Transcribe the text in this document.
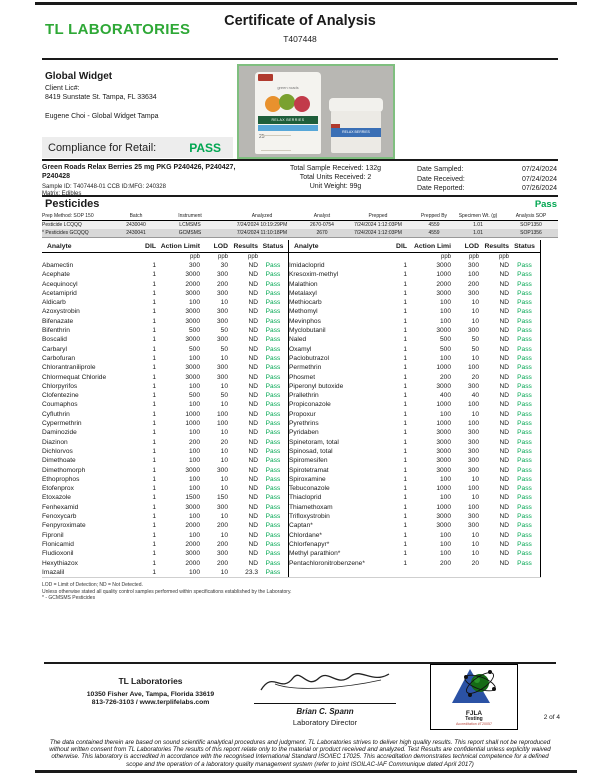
TL LABORATORIES	Certificate of Analysis
T407448
Global Widget
Client Lic#:
8419 Sunstate St. Tampa, FL 33634
Eugene Choi - Global Widget Tampa
green roads
RELAX BERRIES
25
RELAX BERRIES
Compliance for Retail:	PASS
Green Roads Relax Berries 25 mg PKG P240426, P240427, P240428
Sample ID: T407448-01 CCB ID:MFG: 240328
Matrix: Edibles
Total Sample Received: 132g
Total Units Received: 2
Unit Weight: 99g
Date Sampled:	07/24/2024
Date Received:	07/24/2024
Date Reported:	07/26/2024
Pesticides	Pass
Prep Method: SOP 150	Batch	Instrument	Analyzed	Analyst	Prepped	Prepped By	Specimen Wt. (g)	Analysis SOP
Pesticide LCQQQ	2430040	LCMSMS	7/24/2024 10:19:29PM	2670-0754	7/24/2024 1:12:03PM	4559	1.01	SOP1350
* Pesticides GCQQQ	2430041	GCMSMS	7/24/2024 11:10:18PM	2670	7/24/2024 1:12:03PM	4559	1.01	SOP1356
Analyte	DIL	Action Limit	LOD	Results	Status
		ppb	ppb	ppb	
Abamectin	1	300	30	ND	Pass
Acephate	1	3000	300	ND	Pass
Acequinocyl	1	2000	200	ND	Pass
Acetamiprid	1	3000	300	ND	Pass
Aldicarb	1	100	10	ND	Pass
Azoxystrobin	1	3000	300	ND	Pass
Bifenazate	1	3000	300	ND	Pass
Bifenthrin	1	500	50	ND	Pass
Boscalid	1	3000	300	ND	Pass
Carbaryl	1	500	50	ND	Pass
Carbofuran	1	100	10	ND	Pass
Chlorantraniliprole	1	3000	300	ND	Pass
Chlormequat Chloride	1	3000	300	ND	Pass
Chlorpyrifos	1	100	10	ND	Pass
Clofentezine	1	500	50	ND	Pass
Coumaphos	1	100	10	ND	Pass
Cyfluthrin	1	1000	100	ND	Pass
Cypermethrin	1	1000	100	ND	Pass
Daminozide	1	100	10	ND	Pass
Diazinon	1	200	20	ND	Pass
Dichlorvos	1	100	10	ND	Pass
Dimethoate	1	100	10	ND	Pass
Dimethomorph	1	3000	300	ND	Pass
Ethoprophos	1	100	10	ND	Pass
Etofenprox	1	100	10	ND	Pass
Etoxazole	1	1500	150	ND	Pass
Fenhexamid	1	3000	300	ND	Pass
Fenoxycarb	1	100	10	ND	Pass
Fenpyroximate	1	2000	200	ND	Pass
Fipronil	1	100	10	ND	Pass
Flonicamid	1	2000	200	ND	Pass
Fludioxonil	1	3000	300	ND	Pass
Hexythiazox	1	2000	200	ND	Pass
Imazalil	1	100	10	23.3	Pass
Analyte	DIL	Action Limi	LOD	Results	Status
		ppb	ppb	ppb	
Imidacloprid	1	3000	300	ND	Pass
Kresoxim-methyl	1	1000	100	ND	Pass
Malathion	1	2000	200	ND	Pass
Metalaxyl	1	3000	300	ND	Pass
Methiocarb	1	100	10	ND	Pass
Methomyl	1	100	10	ND	Pass
Mevinphos	1	100	10	ND	Pass
Myclobutanil	1	3000	300	ND	Pass
Naled	1	500	50	ND	Pass
Oxamyl	1	500	50	ND	Pass
Paclobutrazol	1	100	10	ND	Pass
Permethrin	1	1000	100	ND	Pass
Phosmet	1	200	20	ND	Pass
Piperonyl butoxide	1	3000	300	ND	Pass
Prallethrin	1	400	40	ND	Pass
Propiconazole	1	1000	100	ND	Pass
Propoxur	1	100	10	ND	Pass
Pyrethrins	1	1000	100	ND	Pass
Pyridaben	1	3000	300	ND	Pass
Spinetoram, total	1	3000	300	ND	Pass
Spinosad, total	1	3000	300	ND	Pass
Spiromesifen	1	3000	300	ND	Pass
Spirotetramat	1	3000	300	ND	Pass
Spiroxamine	1	100	10	ND	Pass
Tebuconazole	1	1000	100	ND	Pass
Thiacloprid	1	100	10	ND	Pass
Thiamethoxam	1	1000	100	ND	Pass
Trifloxystrobin	1	3000	300	ND	Pass
Captan*	1	3000	300	ND	Pass
Chlordane*	1	100	10	ND	Pass
Chlorfenapyr*	1	100	10	ND	Pass
Methyl parathion*	1	100	10	ND	Pass
Pentachloronitrobenzene*	1	200	20	ND	Pass
LOD = Limit of Detection; ND = Not Detected.
Unless otherwise stated all quality control samples performed within specifications established by the Laboratory.
* - GCMSMS Pesticides
TL Laboratories
10350 Fisher Ave, Tampa, Florida 33619
813-726-3103 / www.terplifelabs.com
Brian C. Spann
Laboratory Director
FJLA
Testing
Accreditation #T20057
2 of 4
The data contained therein are based on sound scientific analytical procedures and judgment. TL Laboratories strives to deliver high quality results. This report shall not be reproduced without written consent from TL Laboratories The results of this report relate only to the material or product received and analyzed. Test Results are confidential unless explicitly waived otherwise. This laboratory is accredited in accordance with the recognised International Standard ISO/IEC 17025. This accreditation demonstrates technical competence for a defined scope and the operation of a laboratory quality management system (refer to joint ISOILAC-IAF Communique dated April 2017)
